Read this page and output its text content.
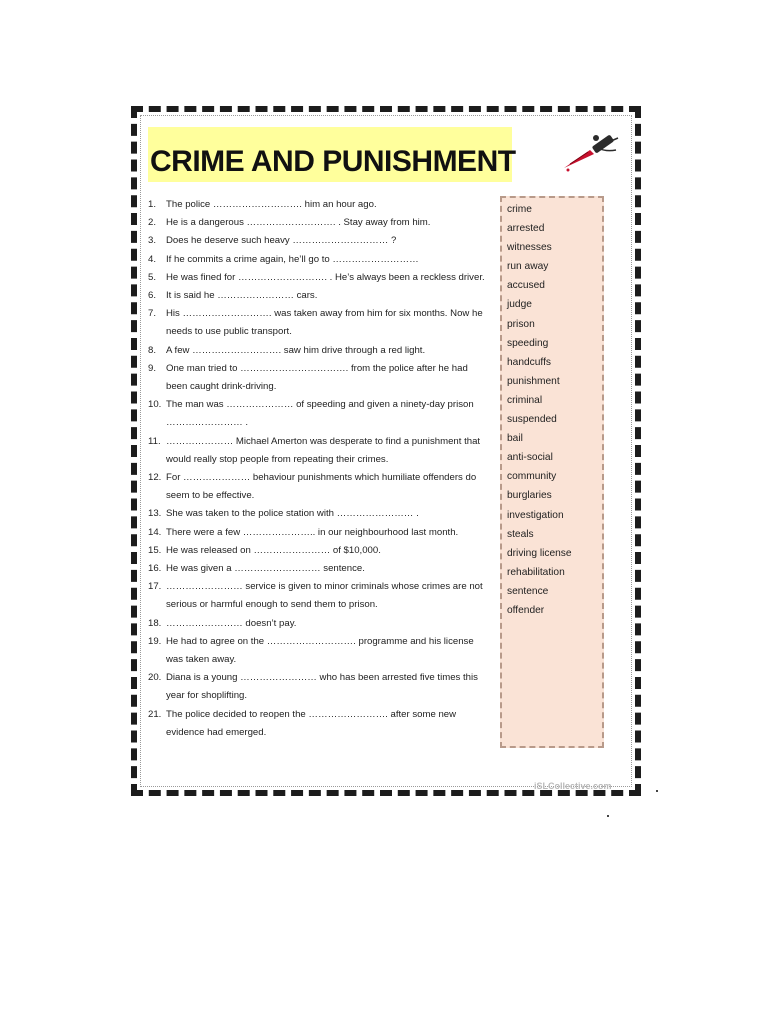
CRIME AND PUNISHMENT
1. The police ………………………. him an hour ago.
2. He is a dangerous ………………………. . Stay away from him.
3. Does he deserve such heavy ………………………… ?
4. If he commits a crime again, he’ll go to ………………………
5. He was fined for ………………………. . He’s always been a reckless driver.
6. It is said he …………………… cars.
7. His ………………………. was taken away from him for six months. Now he needs to use public transport.
8. A few ………………………. saw him drive through a red light.
9. One man tried to ……………………………. from the police after he had been caught drink-driving.
10. The man was ………………… of speeding and given a ninety-day prison …………………… .
11. ………………… Michael Amerton was desperate to find a punishment that would really stop people from repeating their crimes.
12. For ………………… behaviour punishments which humiliate offenders do seem to be effective.
13. She was taken to the police station with …………………… .
14. There were a few ………………….. in our neighbourhood last month.
15. He was released on …………………… of $10,000.
16. He was given a ……………………… sentence.
17. …………………… service is given to minor criminals whose crimes are not serious or harmful enough to send them to prison.
18. …………………… doesn’t pay.
19. He had to agree on the ………………………. programme and his license was taken away.
20. Diana is a young …………………… who has been arrested five times this year for shoplifting.
21. The police decided to reopen the ……………………. after some new evidence had emerged.
crime
arrested
witnesses
run away
accused
judge
prison
speeding
handcuffs
punishment
criminal
suspended
bail
anti-social
community
burglaries
investigation
steals
driving license
rehabilitation
sentence
offender
iSLCollective.com
